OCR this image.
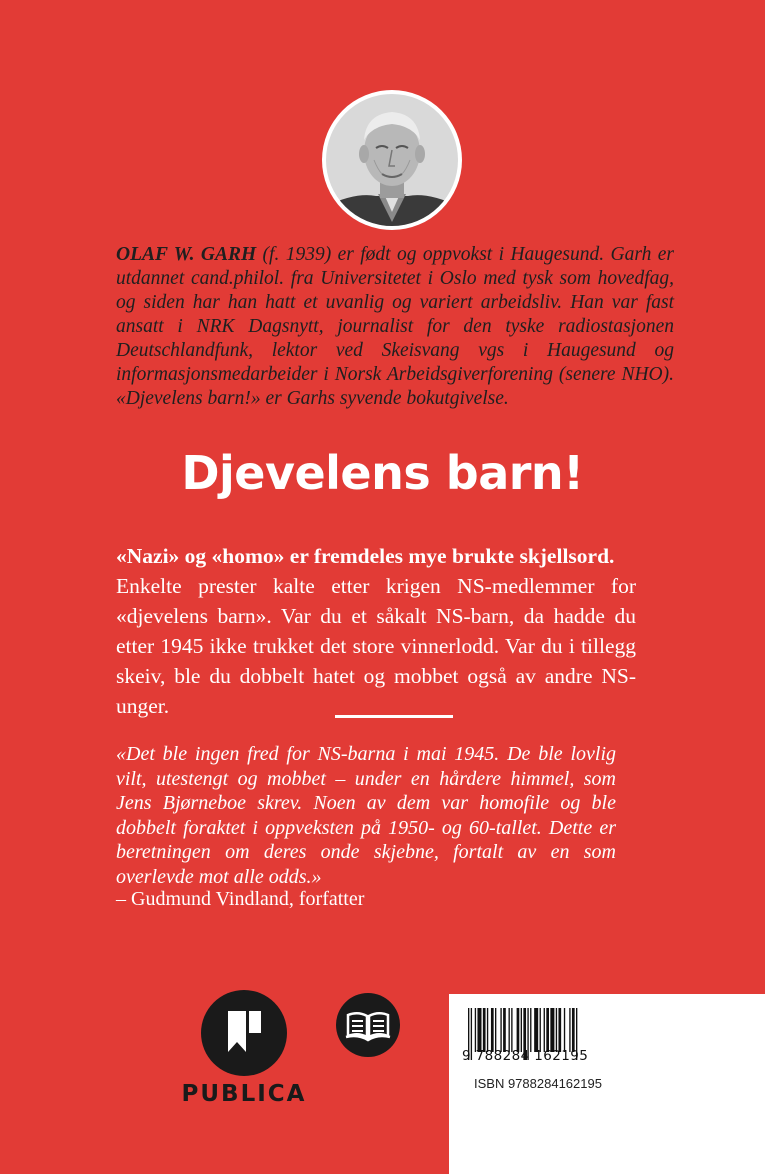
OLAF W. GARH (f. 1939) er født og oppvokst i Haugesund. Garh er utdannet cand.philol. fra Universitetet i Oslo med tysk som hovedfag, og siden har han hatt et uvanlig og variert arbeidsliv. Han var fast ansatt i NRK Dagsnytt, journalist for den tyske radiostasjonen Deutschlandfunk, lektor ved Skeisvang vgs i Haugesund og informasjonsmedarbeider i Norsk Arbeidsgiverforening (senere NHO). «Djevelens barn!» er Garhs syvende bokutgivelse.

Djevelens barn!

«Nazi» og «homo» er fremdeles mye brukte skjellsord.
Enkelte prester kalte etter krigen NS-medlemmer for «djevelens barn». Var du et såkalt NS-barn, da hadde du etter 1945 ikke trukket det store vinnerlodd. Var du i tillegg skeiv, ble du dobbelt hatet og mobbet også av andre NS-unger.

«Det ble ingen fred for NS-barna i mai 1945. De ble lovlig vilt, utestengt og mobbet – under en hårdere himmel, som Jens Bjørneboe skrev. Noen av dem var homofile og ble dobbelt foraktet i oppveksten på 1950- og 60-tallet. Dette er beretningen om deres onde skjebne, fortalt av en som overlevde mot alle odds.»

– Gudmund Vindland, forfatter

PUBLICA
9 788284 162195
ISBN 9788284162195
